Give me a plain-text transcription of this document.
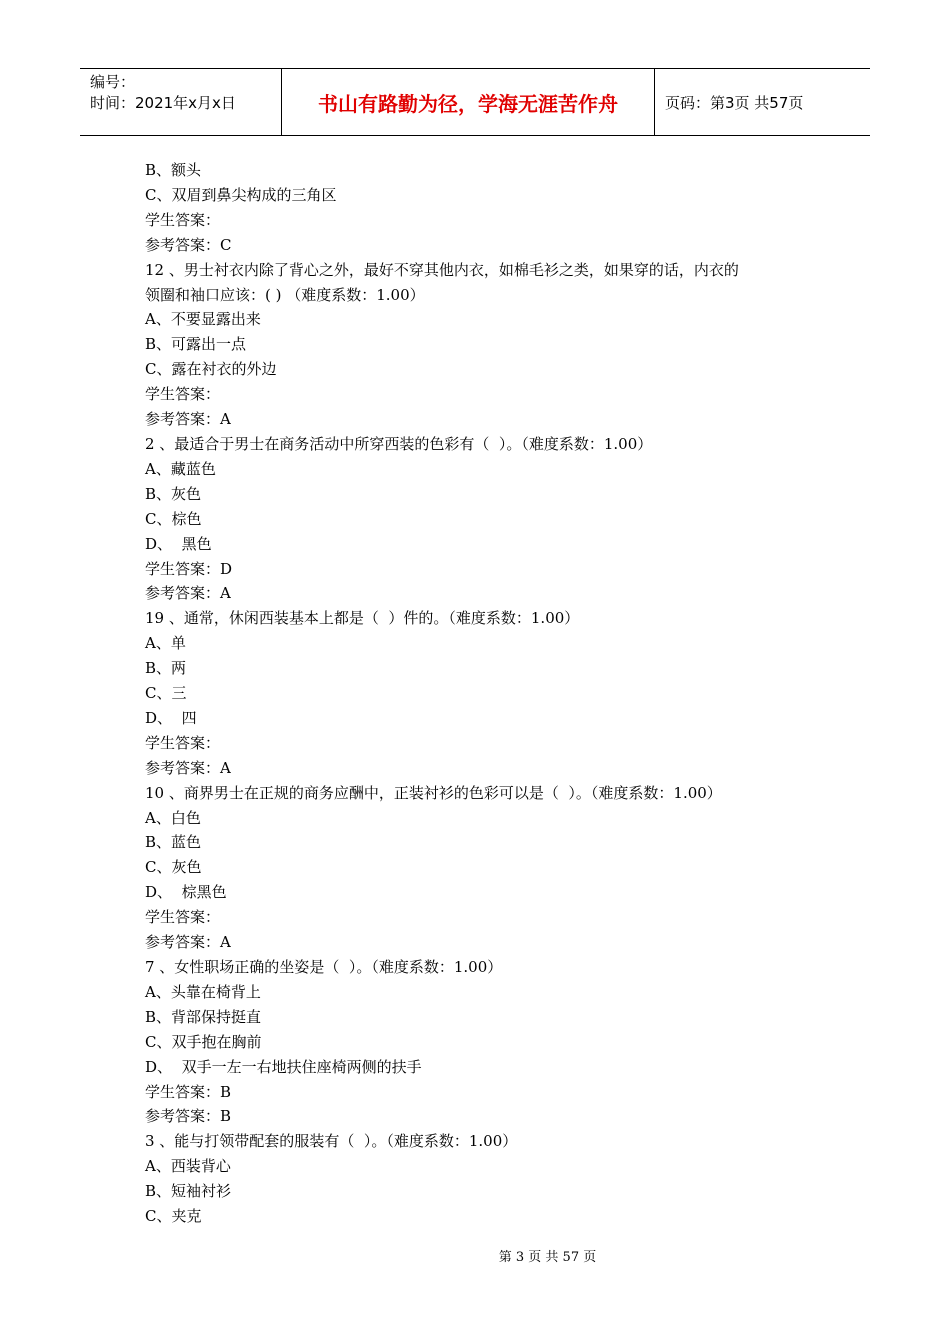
编号：
时间：2021年x月x日	书山有路勤为径，学海无涯苦作舟	页码：第3页 共57页
B、额头
C、双眉到鼻尖构成的三角区
学生答案：
参考答案：C
12 、男士衬衣内除了背心之外，最好不穿其他内衣，如棉毛衫之类，如果穿的话，内衣的
领圈和袖口应该：( ) （难度系数：1.00）
A、不要显露出来
B、可露出一点
C、露在衬衣的外边
学生答案：
参考答案：A
2 、最适合于男士在商务活动中所穿西装的色彩有（  ）。（难度系数：1.00）
A、藏蓝色
B、灰色
C、棕色
D、  黑色
学生答案：D
参考答案：A
19 、通常，休闲西装基本上都是（  ）件的。（难度系数：1.00）
A、单
B、两
C、三
D、  四
学生答案：
参考答案：A
10 、商界男士在正规的商务应酬中，正装衬衫的色彩可以是（  ）。（难度系数：1.00）
A、白色
B、蓝色
C、灰色
D、  棕黑色
学生答案：
参考答案：A
7 、女性职场正确的坐姿是（  ）。（难度系数：1.00）
A、头靠在椅背上
B、背部保持挺直
C、双手抱在胸前
D、  双手一左一右地扶住座椅两侧的扶手
学生答案：B
参考答案：B
3 、能与打领带配套的服装有（  ）。（难度系数：1.00）
A、西装背心
B、短袖衬衫
C、夹克
第 3 页 共 57 页
